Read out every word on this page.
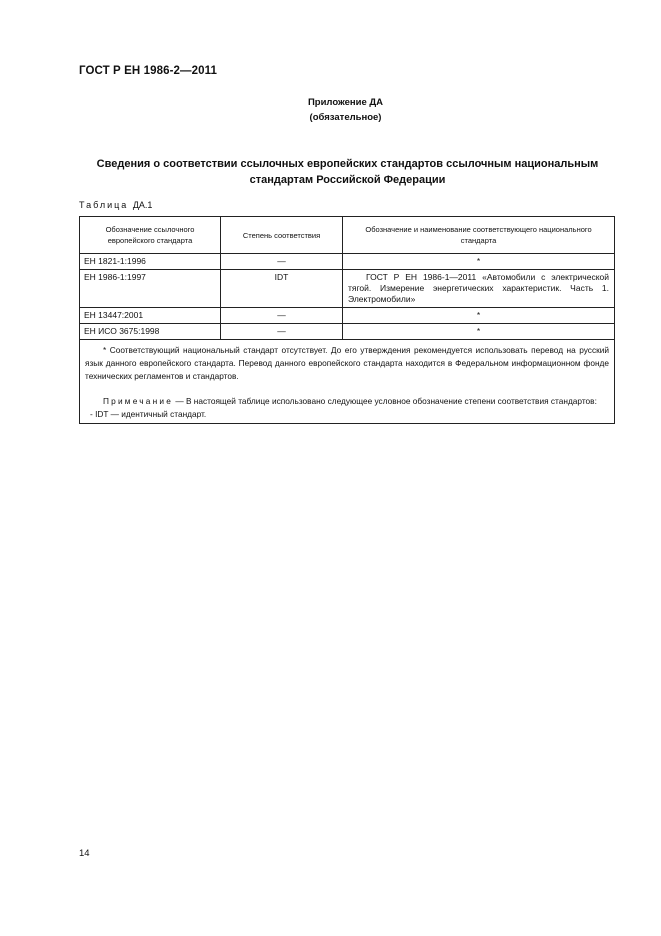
ГОСТ Р ЕН 1986-2—2011
Приложение ДА
(обязательное)
Сведения о соответствии ссылочных европейских стандартов ссылочным национальным
стандартам Российской Федерации
Таблица ДА.1
Обозначение ссылочного европейского стандарта	Степень соответствия	Обозначение и наименование соответствующего национального стандарта
ЕН 1821-1:1996	—	*
ЕН 1986-1:1997	IDT	ГОСТ Р ЕН 1986-1—2011 «Автомобили с электрической тягой. Измерение энергетических характеристик. Часть 1. Электромобили»

ЕН 13447:2001	—	*
ЕН ИСО 3675:1998	—	*

* Соответствующий национальный стандарт отсутствует. До его утверждения рекомендуется использовать перевод на русский язык данного европейского стандарта. Перевод данного европейского стандарта находится в Федеральном информационном фонде технических регламентов и стандартов.

Примечание — В настоящей таблице использовано следующее условное обозначение степени соответствия стандартов:

- IDT — идентичный стандарт.		

14
